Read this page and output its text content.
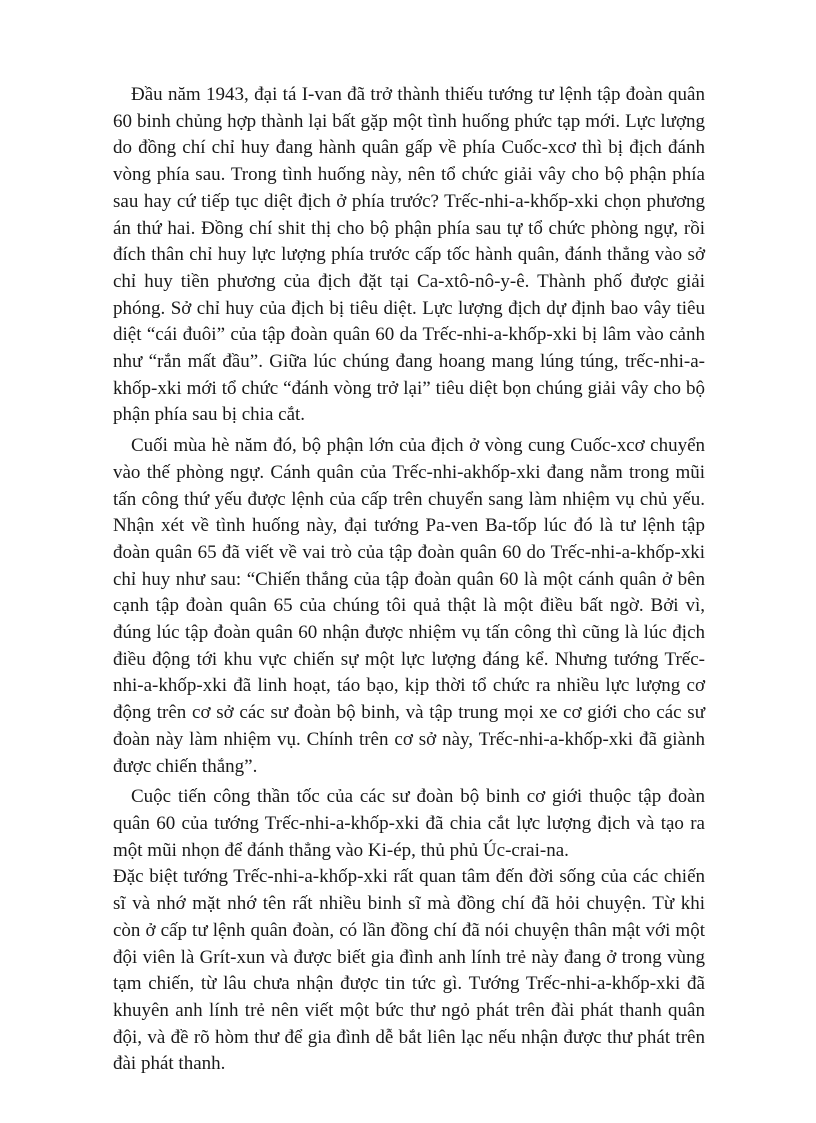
Đầu năm 1943, đại tá I-van đã trở thành thiếu tướng tư lệnh tập đoàn quân 60 binh chủng hợp thành lại bất gặp một tình huống phức tạp mới. Lực lượng do đồng chí chỉ huy đang hành quân gấp về phía Cuốc-xcơ thì bị địch đánh vòng phía sau. Trong tình huống này, nên tổ chức giải vây cho bộ phận phía sau hay cứ tiếp tục diệt địch ở phía trước? Trếc-nhi-a-khốp-xki chọn phương án thứ hai. Đồng chí shit thị cho bộ phận phía sau tự tổ chức phòng ngự, rồi đích thân chỉ huy lực lượng phía trước cấp tốc hành quân, đánh thẳng vào sở chỉ huy tiền phương của địch đặt tại Ca-xtô-nô-y-ê. Thành phố được giải phóng. Sở chỉ huy của địch bị tiêu diệt. Lực lượng địch dự định bao vây tiêu diệt “cái đuôi” của tập đoàn quân 60 da Trếc-nhi-a-khốp-xki bị lâm vào cảnh như “rắn mất đầu”. Giữa lúc chúng đang hoang mang lúng túng, trếc-nhi-a-khốp-xki mới tổ chức “đánh vòng trở lại” tiêu diệt bọn chúng giải vây cho bộ phận phía sau bị chia cắt.

Cuối mùa hè năm đó, bộ phận lớn của địch ở vòng cung Cuốc-xcơ chuyển vào thế phòng ngự. Cánh quân của Trếc-nhi-akhốp-xki đang nằm trong mũi tấn công thứ yếu được lệnh của cấp trên chuyển sang làm nhiệm vụ chủ yếu. Nhận xét về tình huống này, đại tướng Pa-ven Ba-tốp lúc đó là tư lệnh tập đoàn quân 65 đã viết về vai trò của tập đoàn quân 60 do Trếc-nhi-a-khốp-xki chỉ huy như sau: “Chiến thắng của tập đoàn quân 60 là một cánh quân ở bên cạnh tập đoàn quân 65 của chúng tôi quả thật là một điều bất ngờ. Bởi vì, đúng lúc tập đoàn quân 60 nhận được nhiệm vụ tấn công thì cũng là lúc địch điều động tới khu vực chiến sự một lực lượng đáng kể. Nhưng tướng Trếc-nhi-a-khốp-xki đã linh hoạt, táo bạo, kịp thời tổ chức ra nhiều lực lượng cơ động trên cơ sở các sư đoàn bộ binh, và tập trung mọi xe cơ giới cho các sư đoàn này làm nhiệm vụ. Chính trên cơ sở này, Trếc-nhi-a-khốp-xki đã giành được chiến thắng”.

Cuộc tiến công thần tốc của các sư đoàn bộ binh cơ giới thuộc tập đoàn quân 60 của tướng Trếc-nhi-a-khốp-xki đã chia cắt lực lượng địch và tạo ra một mũi nhọn để đánh thẳng vào Ki-ép, thủ phủ Úc-crai-na.

Đặc biệt tướng Trếc-nhi-a-khốp-xki rất quan tâm đến đời sống của các chiến sĩ và nhớ mặt nhớ tên rất nhiều binh sĩ mà đồng chí đã hỏi chuyện. Từ khi còn ở cấp tư lệnh quân đoàn, có lần đồng chí đã nói chuyện thân mật với một đội viên là Grít-xun và được biết gia đình anh lính trẻ này đang ở trong vùng tạm chiến, từ lâu chưa nhận được tin tức gì. Tướng Trếc-nhi-a-khốp-xki đã khuyên anh lính trẻ nên viết một bức thư ngỏ phát trên đài phát thanh quân đội, và đề rõ hòm thư để gia đình dễ bắt liên lạc nếu nhận được thư phát trên đài phát thanh.
